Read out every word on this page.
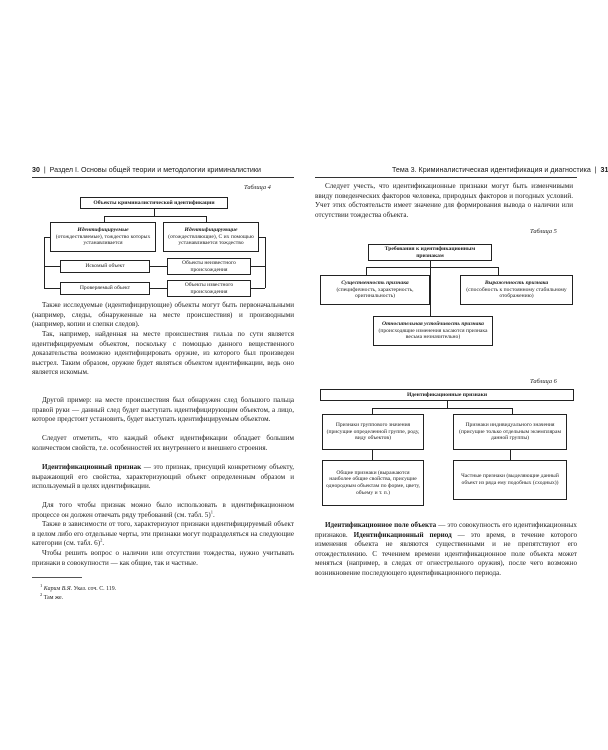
30  |  Раздел I. Основы общей теории и методологии криминалистики
Таблица 4
Объекты криминалистической идентификации
Идентифицируемые
(отождествляемые), тождество которых устанавливается
Идентифицирующие
(отождествляющие), С их помощью устанавливается тождество
Искомый объект
Проверяемый объект
Объекты неизвестного происхождения
Объекты известного происхождения
Также исследуемые (идентифицирующие) объекты могут быть первоначальными (например, следы, обнаруженные на месте происшествия) и производными (например, копии и слепки следов).
Так, например, найденная на месте происшествия гильза по сути является идентифицируемым объектом, поскольку с помощью данного вещественного доказательства возможно идентифицировать оружие, из которого был произведен выстрел. Таким образом, оружие будет являться объектом идентификации, ведь оно является искомым.
Другой пример: на месте происшествия был обнаружен след большого пальца правой руки — данный след будет выступать идентифицирующим объектом, а лицо, которое предстоит установить, будет выступать идентифицируемым объектом.
Следует отметить, что каждый объект идентификации обладает большим количеством свойств, т.е. особенностей их внутреннего и внешнего строения.
Идентификационный признак — это признак, присущий конкретному объекту, выражающий его свойства, характеризующий объект определенным образом и используемый в целях идентификации.
Для того чтобы признак можно было использовать в идентификационном процессе он должен отвечать ряду требований (см. табл. 5)$^1$.
Также в зависимости от того, характеризуют признаки идентифицируемый объект в целом либо его отдельные черты, эти признаки могут подразделяться на следующие категории (см. табл. 6)$^2$.
Чтобы решить вопрос о наличии или отсутствии тождества, нужно учитывать признаки в совокупности — как общие, так и частные.
$^1$ Карим В.Я. Указ. соч. С. 119.
$^2$ Там же.
Тема 3. Криминалистическая идентификация и диагностика  |  31
Следует учесть, что идентификационные признаки могут быть изменчивыми ввиду поведенческих факторов человека, природных факторов и погодных условий. Учет этих обстоятельств имеет значение для формирования вывода о наличии или отсутствии тождества объекта.
Таблица 5
Требования к идентификационным признакам
Существенность признака
(специфичность, характерность, оригинальность)
Выраженность признака
(способность к постоянному стабильному отображению)
Относительная устойчивость признака
(происходящие изменения касаются признака весьма незначительно)
Таблица 6
Идентификационные признаки
Признаки группового значения (присущие определенной группе, роду, виду объектов)
Признаки индивидуального значения (присущие только отдельным экземплярам данной группы)
Общие признаки (выражаются наиболее общие свойства, присущие однородным объектам по форме, цвету, объему и т. п.)
Частные признаки (выделяющие данный объект из ряда ему подобных (сходных))
Идентификационное поле объекта — это совокупность его идентификационных признаков. Идентификационный период — это время, в течение которого изменения объекта не являются существенными и не препятствуют его отождествлению. С течением времени идентификационное поле объекта может меняться (например, в следах от огнестрельного оружия), после чего возможно возникновение последующего идентификационного периода.
